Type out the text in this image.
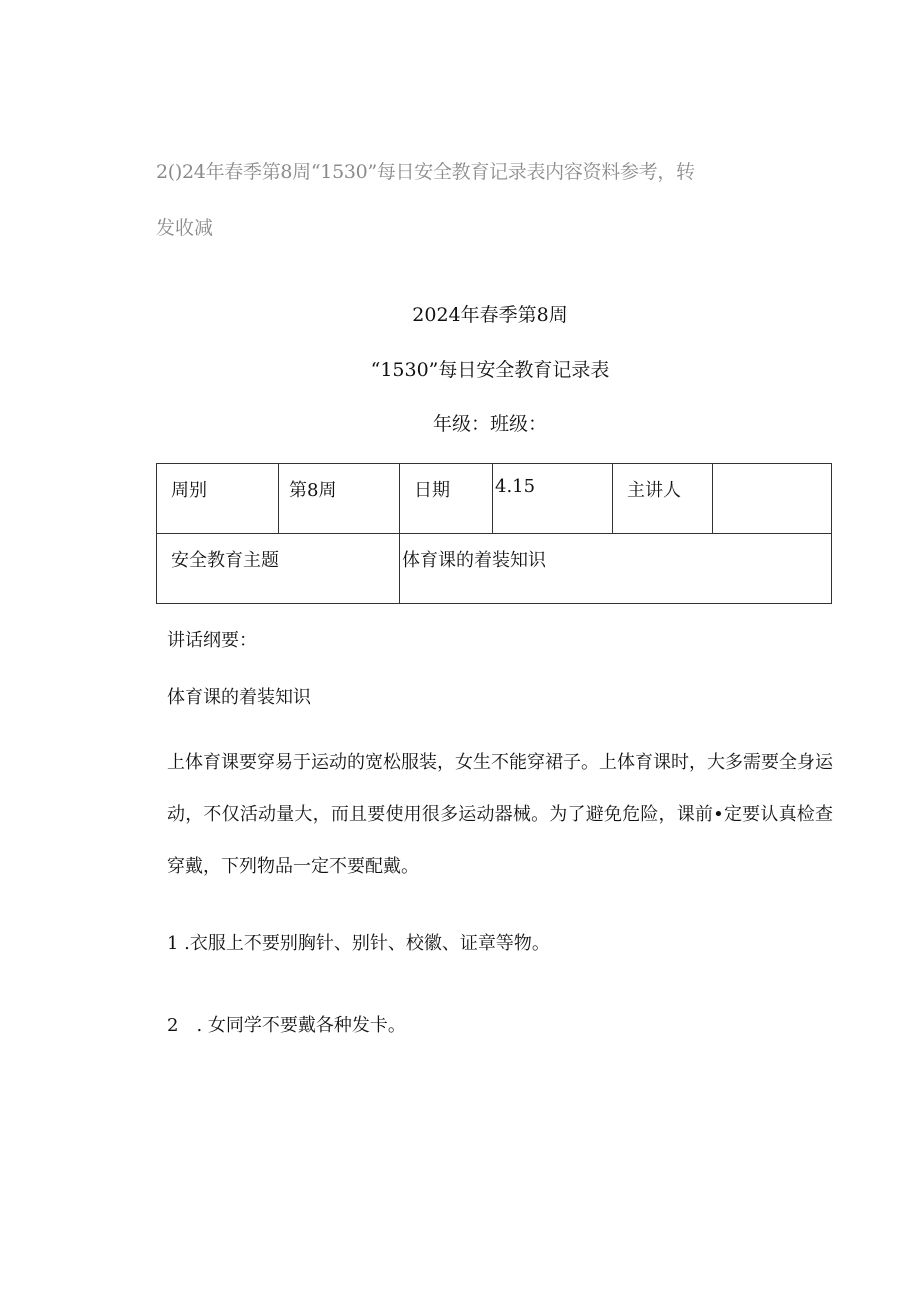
2()24年春季第8周“1530”每日安全教育记录表内容资料参考，转
发收减
2024年春季第8周
“1530”每日安全教育记录表
年级：班级：
周别	第8周	日期	4.15	主讲人	
安全教育主题		体育课的着装知识			
讲话纲要：
体育课的着装知识
上体育课要穿易于运动的宽松服装，女生不能穿裙子。上体育课时，大多需要全身运动，不仅活动量大，而且要使用很多运动器械。为了避免危险，课前•定要认真检查穿戴，下列物品一定不要配戴。
1 .衣服上不要别胸针、别针、校徽、证章等物。
2　. 女同学不要戴各种发卡。
